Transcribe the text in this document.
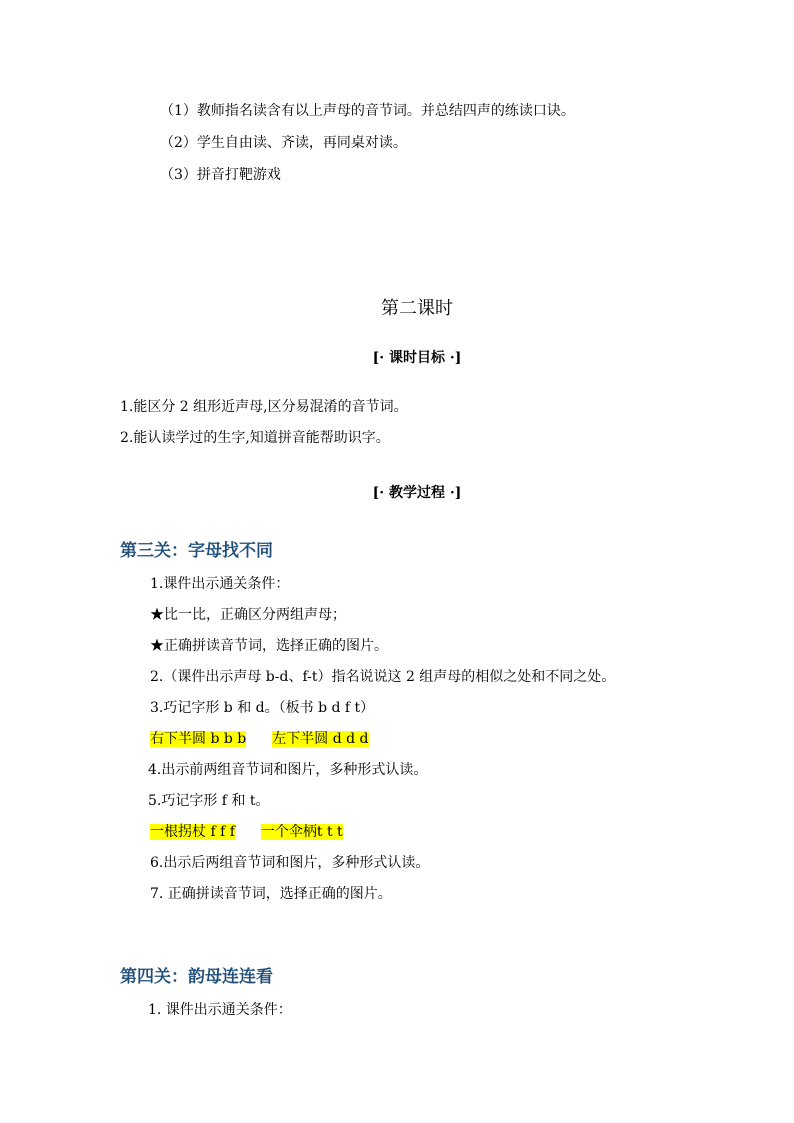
（1）教师指名读含有以上声母的音节词。并总结四声的练读口诀。
（2）学生自由读、齐读，再同桌对读。
（3）拼音打靶游戏
第二课时
[· 课时目标 ·]
1.能区分 2 组形近声母,区分易混淆的音节词。
2.能认读学过的生字,知道拼音能帮助识字。
[· 教学过程 ·]
第三关：字母找不同
1.课件出示通关条件：
★比一比，正确区分两组声母；
★正确拼读音节词，选择正确的图片。
2.（课件出示声母 b-d、f-t）指名说说这 2 组声母的相似之处和不同之处。
3.巧记字形 b 和 d。（板书 b d f t）
右下半圆 b b b 左下半圆 d d d
4.出示前两组音节词和图片，多种形式认读。
5.巧记字形 f 和 t。
一根拐杖 f f f 一个伞柄t t t
6.出示后两组音节词和图片，多种形式认读。
7. 正确拼读音节词，选择正确的图片。
第四关：韵母连连看
1. 课件出示通关条件：
